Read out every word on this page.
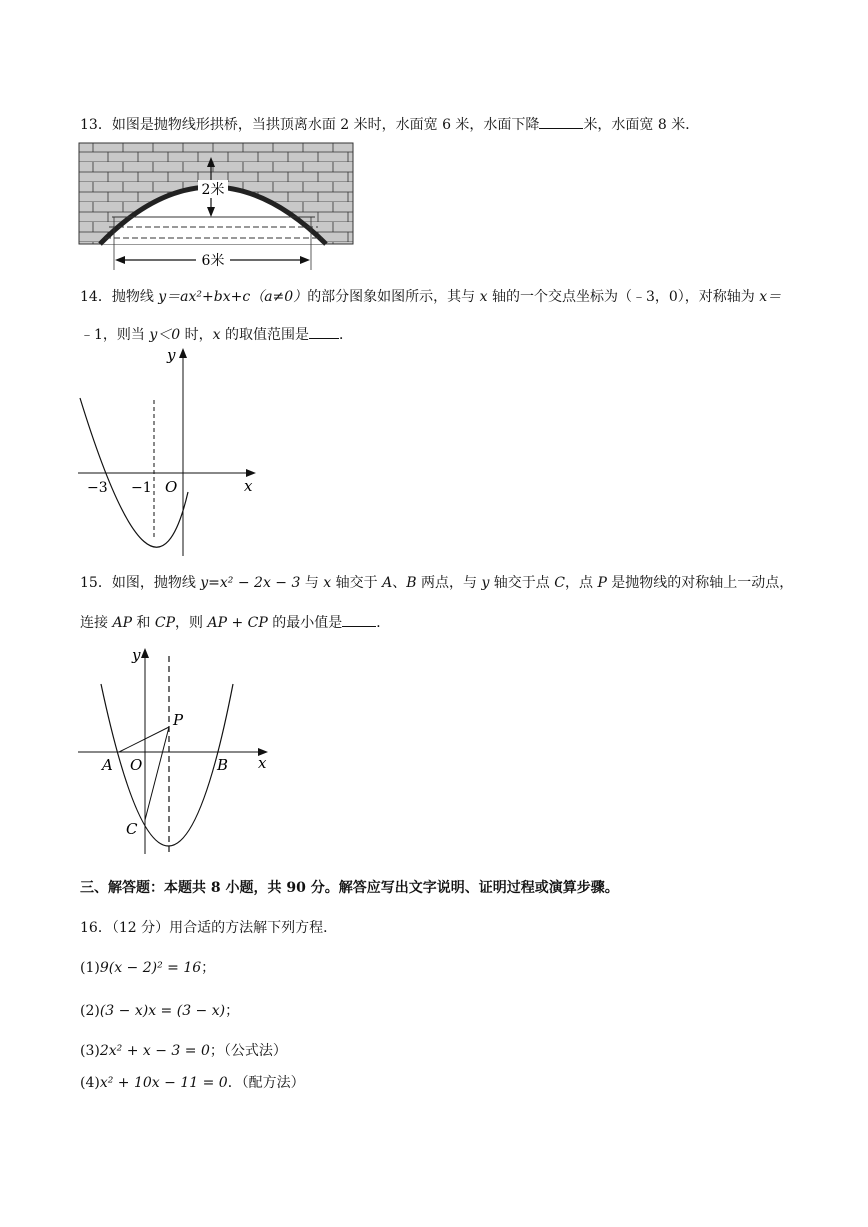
13．如图是抛物线形拱桥，当拱顶离水面 2 米时，水面宽 6 米，水面下降	米，水面宽 8 米．
2米
6米
14．抛物线 y＝ax²+bx+c（a≠0）的部分图象如图所示，其与 x 轴的一个交点坐标为（﹣3，0），对称轴为 x＝
﹣1，则当 y＜0 时，x 的取值范围是 ．
x
y
−3 −1 O
15．如图，抛物线 y=x² − 2x − 3 与 x 轴交于 A、B 两点，与 y 轴交于点 C，点 P 是抛物线的对称轴上一动点，
连接 AP 和 CP，则 AP + CP 的最小值是 ．
y
x
P
A O	B
C
三、解答题：本题共 8 小题，共 90 分。解答应写出文字说明、证明过程或演算步骤。
16．（12 分）用合适的方法解下列方程．
(1)9(x − 2)² = 16；
(2)(3 − x)x = (3 − x)；
(3)2x² + x − 3 = 0；（公式法）
(4)x² + 10x − 11 = 0．（配方法）
